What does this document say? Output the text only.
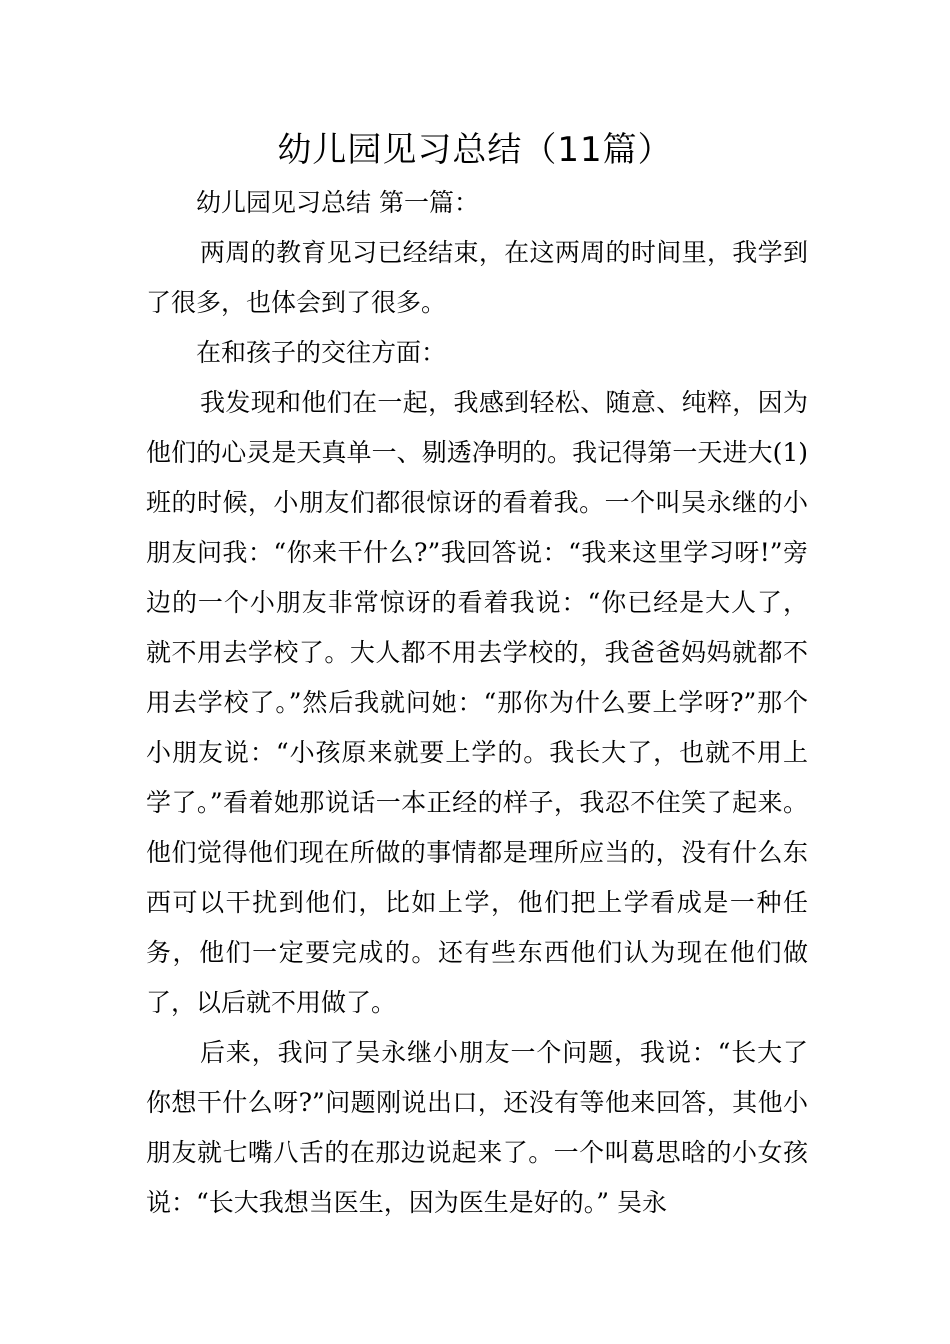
幼儿园见习总结（11篇）

幼儿园见习总结 第一篇：

两周的教育见习已经结束，在这两周的时间里，我学到了很多，也体会到了很多。

在和孩子的交往方面：

我发现和他们在一起，我感到轻松、随意、纯粹，因为他们的心灵是天真单一、剔透净明的。我记得第一天进大(1)班的时候，小朋友们都很惊讶的看着我。一个叫吴永继的小朋友问我：“你来干什么?”我回答说：“我来这里学习呀!”旁边的一个小朋友非常惊讶的看着我说：“你已经是大人了，就不用去学校了。大人都不用去学校的，我爸爸妈妈就都不用去学校了。”然后我就问她：“那你为什么要上学呀?”那个小朋友说：“小孩原来就要上学的。我长大了，也就不用上学了。”看着她那说话一本正经的样子，我忍不住笑了起来。他们觉得他们现在所做的事情都是理所应当的，没有什么东西可以干扰到他们，比如上学，他们把上学看成是一种任务，他们一定要完成的。还有些东西他们认为现在他们做了，以后就不用做了。

后来，我问了吴永继小朋友一个问题，我说：“长大了你想干什么呀?”问题刚说出口，还没有等他来回答，其他小朋友就七嘴八舌的在那边说起来了。一个叫葛思晗的小女孩说：“长大我想当医生，因为医生是好的。” 吴永
